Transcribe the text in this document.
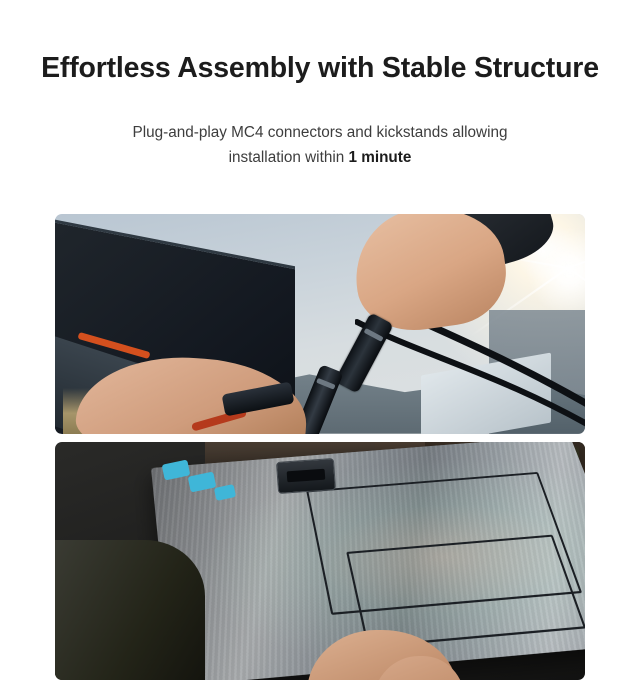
Effortless Assembly with Stable Structure

Plug-and-play MC4 connectors and kickstands allowing
installation within 1 minute
